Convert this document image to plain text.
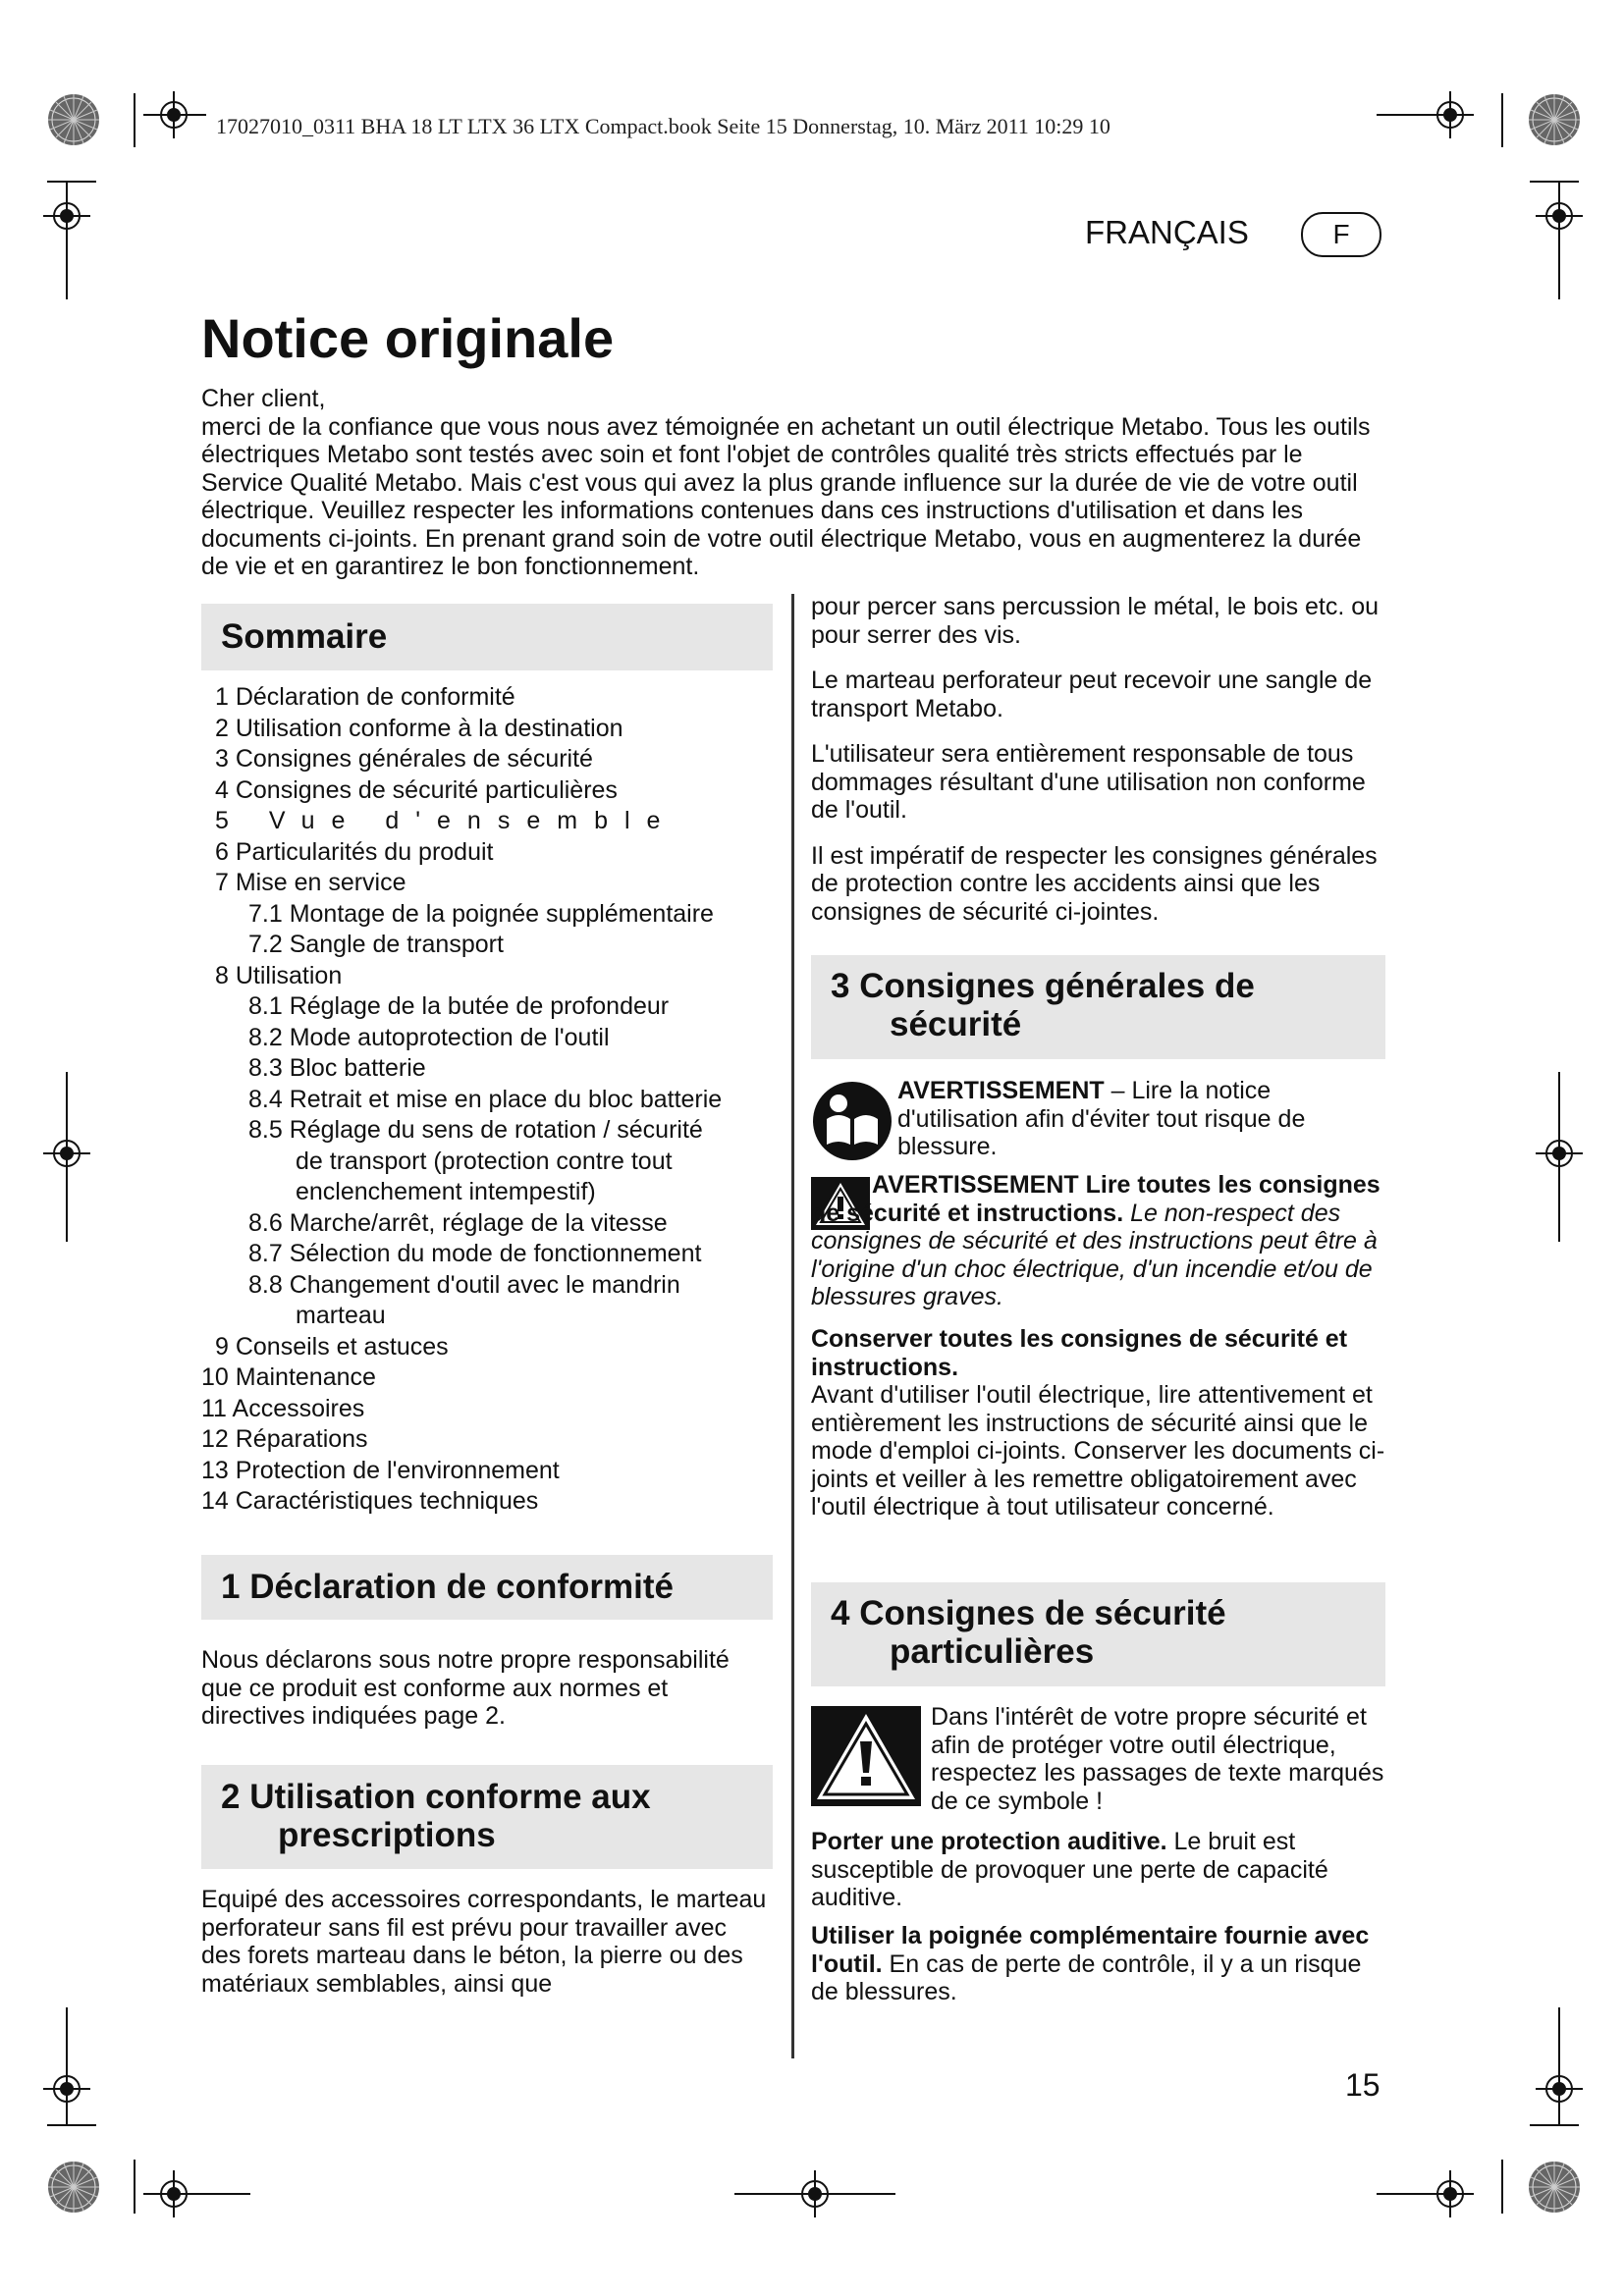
17027010_0311 BHA 18 LT LTX 36 LTX Compact.book Seite 15 Donnerstag, 10. März 2011 10:29 10
FRANÇAIS	F
Notice originale

Cher client,

merci de la confiance que vous nous avez témoignée en achetant un outil électrique Metabo. Tous les outils électriques Metabo sont testés avec soin et font l'objet de contrôles qualité très stricts effectués par le Service Qualité Metabo. Mais c'est vous qui avez la plus grande influence sur la durée de vie de votre outil électrique. Veuillez respecter les informations contenues dans ces instructions d'utilisation et dans les documents ci-joints. En prenant grand soin de votre outil électrique Metabo, vous en augmenterez la durée de vie et en garantirez le bon fonctionnement.

Sommaire
1 Déclaration de conformité
2 Utilisation conforme à la destination
3 Consignes générales de sécurité
4 Consignes de sécurité particulières
5 Vue d'ensemble
6 Particularités du produit
7 Mise en service
7.1 Montage de la poignée supplémentaire
7.2 Sangle de transport
8 Utilisation
8.1 Réglage de la butée de profondeur
8.2 Mode autoprotection de l'outil
8.3 Bloc batterie
8.4 Retrait et mise en place du bloc batterie
8.5 Réglage du sens de rotation / sécurité
de transport (protection contre tout
enclenchement intempestif)
8.6 Marche/arrêt, réglage de la vitesse
8.7 Sélection du mode de fonctionnement
8.8 Changement d'outil avec le mandrin
marteau
9 Conseils et astuces
10 Maintenance
11 Accessoires
12 Réparations
13 Protection de l'environnement
14 Caractéristiques techniques
1 Déclaration de conformité
Nous déclarons sous notre propre responsabilité que ce produit est conforme aux normes et directives indiquées page 2.
2 Utilisation conforme aux
prescriptions
Equipé des accessoires correspondants, le marteau perforateur sans fil est prévu pour travailler avec des forets marteau dans le béton, la pierre ou des matériaux semblables, ainsi que

pour percer sans percussion le métal, le bois etc. ou pour serrer des vis.

Le marteau perforateur peut recevoir une sangle de transport Metabo.

L'utilisateur sera entièrement responsable de tous dommages résultant d'une utilisation non conforme de l'outil.

Il est impératif de respecter les consignes générales de protection contre les accidents ainsi que les consignes de sécurité ci-jointes.

3 Consignes générales de
sécurité
AVERTISSEMENT – Lire la notice d'utilisation afin d'éviter tout risque de blessure.
AVERTISSEMENT Lire toutes les consignes de sécurité et instructions. Le non-respect des consignes de sécurité et des instructions peut être à l'origine d'un choc électrique, d'un incendie et/ou de blessures graves.
Conserver toutes les consignes de sécurité et instructions.
Avant d'utiliser l'outil électrique, lire attentivement et entièrement les instructions de sécurité ainsi que le mode d'emploi ci-joints. Conserver les documents ci-joints et veiller à les remettre obligatoirement avec l'outil électrique à tout utilisateur concerné.
4 Consignes de sécurité
particulières
Dans l'intérêt de votre propre sécurité et afin de protéger votre outil électrique, respectez les passages de texte marqués de ce symbole !
Porter une protection auditive. Le bruit est susceptible de provoquer une perte de capacité auditive.
Utiliser la poignée complémentaire fournie avec l'outil. En cas de perte de contrôle, il y a un risque de blessures.
15
